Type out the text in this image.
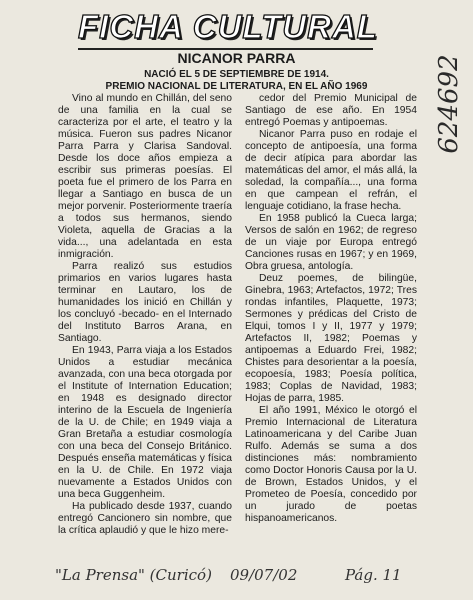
FICHA CULTURAL
NICANOR PARRA
NACIÓ EL 5 DE SEPTIEMBRE DE 1914.
PREMIO NACIONAL DE LITERATURA, EN EL AÑO 1969

Vino al mundo en Chillán, del seno de una familia en la cual se caracteriza por el arte, el teatro y la música. Fueron sus padres Nicanor Parra Parra y Clarisa Sandoval. Desde los doce años empieza a escribir sus primeras poesías. El poeta fue el primero de los Parra en llegar a Santiago en busca de un mejor porvenir. Posteriormente traería a todos sus hermanos, siendo Violeta, aquella de Gracias a la vida..., una adelantada en esta inmigración.

Parra realizó sus estudios primarios en varios lugares hasta terminar en Lautaro, los de humanidades los inició en Chillán y los concluyó -becado- en el Internado del Instituto Barros Arana, en Santiago.

En 1943, Parra viaja a los Estados Unidos a estudiar mecánica avanzada, con una beca otorgada por el Institute of Internation Education; en 1948 es designado director interino de la Escuela de Ingeniería de la U. de Chile; en 1949 viaja a Gran Bretaña a estudiar cosmología con una beca del Consejo Británico. Después enseña matemáticas y física en la U. de Chile. En 1972 viaja nuevamente a Estados Unidos con una beca Guggenheim.

Ha publicado desde 1937, cuando entregó Cancionero sin nombre, que la crítica aplaudió y que le hizo mere-

cedor del Premio Municipal de Santiago de ese año. En 1954 entregó Poemas y antipoemas.

Nicanor Parra puso en rodaje el concepto de antipoesía, una forma de decir atípica para abordar las matemáticas del amor, el más allá, la soledad, la compañía..., una forma en que campean el refrán, el lenguaje cotidiano, la frase hecha.

En 1958 publicó la Cueca larga; Versos de salón en 1962; de regreso de un viaje por Europa entregó Canciones rusas en 1967; y en 1969, Obra gruesa, antología.

Deuz poemes, de bilingüe, Ginebra, 1963; Artefactos, 1972; Tres rondas infantiles, Plaquette, 1973; Sermones y prédicas del Cristo de Elqui, tomos I y II, 1977 y 1979; Artefactos II, 1982; Poemas y antipoemas a Eduardo Frei, 1982; Chistes para desorientar a la poesía, ecopoesía, 1983; Poesía política, 1983; Coplas de Navidad, 1983; Hojas de parra, 1985.

El año 1991, México le otorgó el Premio Internacional de Literatura Latinoamericana y del Caribe Juan Rulfo. Además se suma a dos distinciones más: nombramiento como Doctor Honoris Causa por la U. de Brown, Estados Unidos, y el Prometeo de Poesía, concedido por un jurado de poetas hispanoamericanos.

624692
"La Prensa" (Curicó) 09/07/02	Pág. 11
